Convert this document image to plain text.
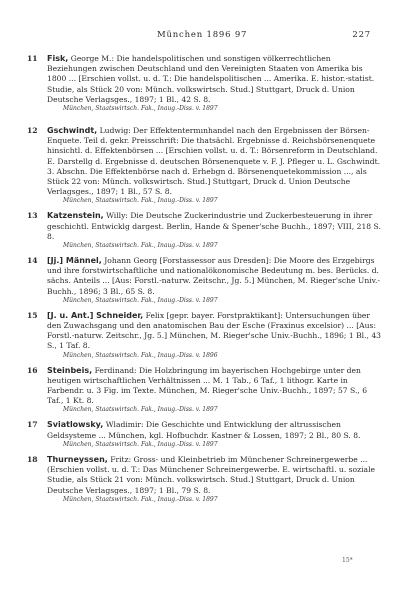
München 1896 97	227
11 Fisk, George M.: Die handelspolitischen und sonstigen völkerrechtlichen Beziehungen zwischen Deutschland und den Vereinigten Staaten von Amerika bis 1800 ... [Erschien vollst. u. d. T.: Die handelspolitischen ... Amerika. E. histor.-statist. Studie, als Stück 20 von: Münch. volkswirtsch. Stud.] Stuttgart, Druck d. Union Deutsche Verlagsges., 1897; 1 Bl., 42 S. 8.
München, Staatswirtsch. Fak., Inaug.-Diss. v. 1897
12 Gschwindt, Ludwig: Der Effektentermınhandel nach den Ergebnissen der Börsen-Enquete. Teil d. gekr. Preisschrift: Die thatsächl. Ergebnisse d. Reichsbörsenenquete hinsichtl. d. Effektenbörsen ... [Erschien vollst. u. d. T.: Börsenreform in Deutschland. E. Darstellg d. Ergebnisse d. deutschen Börsenenquete v. F. J. Pfleger u. L. Gschwindt. 3. Abschn. Die Effektenbörse nach d. Erhebgn d. Börsenenquetekommission ..., als Stück 22 von: Münch. volkswirtsch. Stud.] Stuttgart, Druck d. Union Deutsche Verlagsges., 1897; 1 Bl., 57 S. 8.
München, Staatswirtsch. Fak., Inaug.-Diss. v. 1897
13 Katzenstein, Willy: Die Deutsche Zuckerindustrie und Zuckerbesteuerung in ihrer geschichtl. Entwicklg dargest. Berlin, Hande & Spener'sche Buchh., 1897; VIII, 218 S. 8.
München, Staatswirtsch. Fak., Inaug.-Diss. v. 1897
14 [Jj.] Männel, Johann Georg [Forstassessor aus Dresden]: Die Moore des Erzgebirgs und ihre forstwirtschaftliche und nationalökonomische Bedeutung m. bes. Berücks. d. sächs. Anteils ... [Aus: Forstl.-naturw. Zeitschr., Jg. 5.] München, M. Rieger'sche Univ.-Buchh., 1896; 3 Bl., 65 S. 8.
München, Staatswirtsch. Fak., Inaug.-Diss. v. 1897
15 [J. u. Ant.] Schneider, Felix [gepr. bayer. Forstpraktikant]: Untersuchungen über den Zuwachsgang und den anatomischen Bau der Esche (Fraxinus excelsior) ... [Aus: Forstl.-naturw. Zeitschr., Jg. 5.] München, M. Rieger'sche Univ.-Buchh., 1896; 1 Bl., 43 S., 1 Taf. 8.
München, Staatswirtsch. Fak., Inaug.-Diss. v. 1896
16 Steinbeis, Ferdinand: Die Holzbringung im bayerischen Hochgebirge unter den heutigen wirtschaftlichen Verhältnissen ... M. 1 Tab., 6 Taf., 1 lithogr. Karte in Farbendr. u. 3 Fig. im Texte. München, M. Rieger'sche Univ.-Buchh., 1897; 57 S., 6 Taf., 1 Kt. 8.
München, Staatswirtsch. Fak., Inaug.-Diss. v. 1897
17 Sviatlowsky, Wladimir: Die Geschichte und Entwicklung der altrussischen Geldsysteme ... München, kgl. Hofbuchdr. Kastner & Lossen, 1897; 2 Bl., 80 S. 8.
München, Staatswirtsch. Fak., Inaug.-Diss. v. 1897
18 Thurneyssen, Fritz: Gross- und Kleinbetrieb im Münchener Schreinergewerbe ... (Erschien vollst. u. d. T.: Das Münchener Schreinergewerbe. E. wirtschaftl. u. soziale Studie, als Stück 21 von: Münch. volkswirtsch. Stud.] Stuttgart, Druck d. Union Deutsche Verlagsges., 1897; 1 Bl., 79 S. 8.
München, Staatswirtsch. Fak., Inaug.-Diss. v. 1897
15*
